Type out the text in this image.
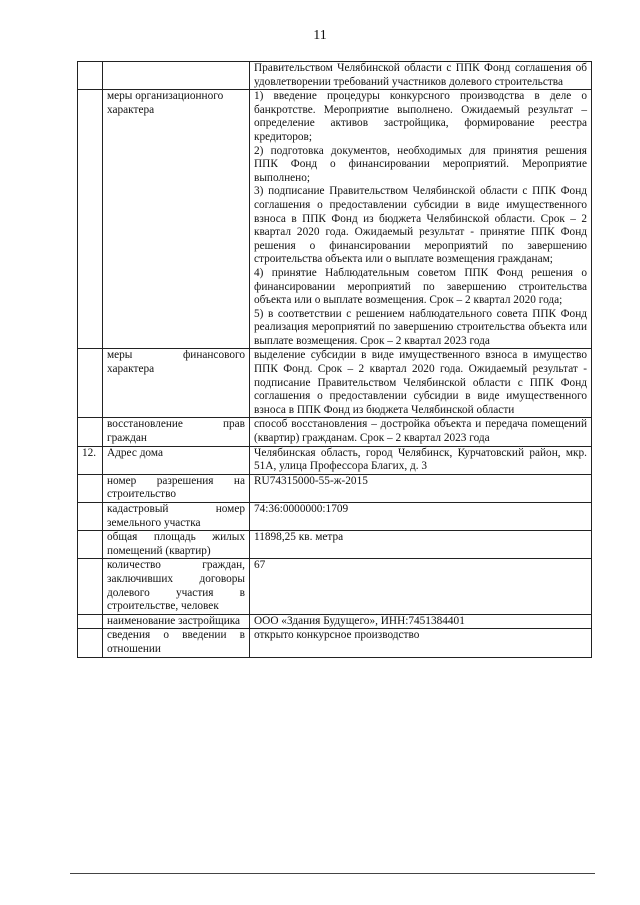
11
		Правительством Челябинской области с ППК Фонд соглашения об удовлетворении требований участников долевого строительства
	меры организационного характера	1) введение процедуры конкурсного производства в деле о банкротстве. Мероприятие выполнено. Ожидаемый результат – определение активов застройщика, формирование реестра кредиторов;
2) подготовка документов, необходимых для принятия решения ППК Фонд о финансировании мероприятий. Мероприятие выполнено;
3) подписание Правительством Челябинской области с ППК Фонд соглашения о предоставлении субсидии в виде имущественного взноса в ППК Фонд из бюджета Челябинской области. Срок – 2 квартал 2020 года. Ожидаемый результат - принятие ППК Фонд решения о финансировании мероприятий по завершению строительства объекта или о выплате возмещения гражданам;
4) принятие Наблюдательным советом ППК Фонд решения о финансировании мероприятий по завершению строительства объекта или о выплате возмещения. Срок – 2 квартал 2020 года;
5) в соответствии с решением наблюдательного совета ППК Фонд реализация мероприятий по завершению строительства объекта или выплате возмещения. Срок – 2 квартал 2023 года

	меры финансового характера	выделение субсидии в виде имущественного взноса в имущество ППК Фонд. Срок – 2 квартал 2020 года. Ожидаемый результат - подписание Правительством Челябинской области с ППК Фонд соглашения о предоставлении субсидии в виде имущественного взноса в ППК Фонд из бюджета Челябинской области
	восстановление прав граждан	способ восстановления – достройка объекта и передача помещений (квартир) гражданам. Срок – 2 квартал 2023 года
12.	Адрес дома	Челябинская область, город Челябинск, Курчатовский район, мкр. 51А, улица Профессора Благих, д. 3
	номер разрешения на строительство	RU74315000-55-ж-2015
	кадастровый номер земельного участка	74:36:0000000:1709
	общая площадь жилых помещений (квартир)	11898,25 кв. метра
	количество граждан, заключивших договоры долевого участия в строительстве, человек	67
	наименование застройщика	ООО «Здания Будущего», ИНН:7451384401
	сведения о введении в отношении	открыто конкурсное производство
